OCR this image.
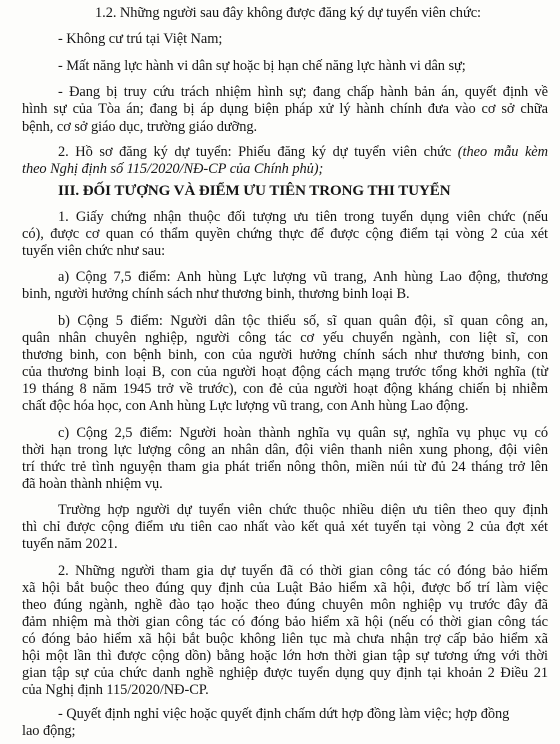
1.2. Những người sau đây không được đăng ký dự tuyển viên chức:
- Không cư trú tại Việt Nam;
- Mất năng lực hành vi dân sự hoặc bị hạn chế năng lực hành vi dân sự;
- Đang bị truy cứu trách nhiệm hình sự; đang chấp hành bản án, quyết định về
hình sự của Tòa án; đang bị áp dụng biện pháp xử lý hành chính đưa vào cơ sở chữa
bệnh, cơ sở giáo dục, trường giáo dưỡng.
2. Hồ sơ đăng ký dự tuyển: Phiếu đăng ký dự tuyển viên chức (theo mẫu kèm
theo Nghị định số 115/2020/NĐ-CP của Chính phủ);
III. ĐỐI TƯỢNG VÀ ĐIỂM ƯU TIÊN TRONG THI TUYỂN
1. Giấy chứng nhận thuộc đối tượng ưu tiên trong tuyển dụng viên chức (nếu
có), được cơ quan có thẩm quyền chứng thực để được cộng điểm tại vòng 2 của xét
tuyển viên chức như sau:
a) Cộng 7,5 điểm: Anh hùng Lực lượng vũ trang, Anh hùng Lao động, thương
binh, người hưởng chính sách như thương binh, thương binh loại B.
b) Cộng 5 điểm: Người dân tộc thiểu số, sĩ quan quân đội, sĩ quan công an,
quân nhân chuyên nghiệp, người công tác cơ yếu chuyển ngành, con liệt sĩ, con
thương binh, con bệnh binh, con của người hưởng chính sách như thương binh, con
của thương binh loại B, con của người hoạt động cách mạng trước tổng khởi nghĩa (từ
19 tháng 8 năm 1945 trở về trước), con đẻ của người hoạt động kháng chiến bị nhiễm
chất độc hóa học, con Anh hùng Lực lượng vũ trang, con Anh hùng Lao động.
c) Cộng 2,5 điểm: Người hoàn thành nghĩa vụ quân sự, nghĩa vụ phục vụ có
thời hạn trong lực lượng công an nhân dân, đội viên thanh niên xung phong, đội viên
trí thức trẻ tình nguyện tham gia phát triển nông thôn, miền núi từ đủ 24 tháng trở lên
đã hoàn thành nhiệm vụ.
Trường hợp người dự tuyển viên chức thuộc nhiều diện ưu tiên theo quy định
thì chỉ được cộng điểm ưu tiên cao nhất vào kết quả xét tuyển tại vòng 2 của đợt xét
tuyển năm 2021.
2. Những người tham gia dự tuyển đã có thời gian công tác có đóng bảo hiểm
xã hội bắt buộc theo đúng quy định của Luật Bảo hiểm xã hội, được bố trí làm việc
theo đúng ngành, nghề đào tạo hoặc theo đúng chuyên môn nghiệp vụ trước đây đã
đảm nhiệm mà thời gian công tác có đóng bảo hiểm xã hội (nếu có thời gian công tác
có đóng bảo hiểm xã hội bắt buộc không liên tục mà chưa nhận trợ cấp bảo hiểm xã
hội một lần thì được cộng dồn) bằng hoặc lớn hơn thời gian tập sự tương ứng với thời
gian tập sự của chức danh nghề nghiệp được tuyển dụng quy định tại khoản 2 Điều 21
của Nghị định 115/2020/NĐ-CP.
- Quyết định nghỉ việc hoặc quyết định chấm dứt hợp đồng làm việc; hợp đồng
lao động;
